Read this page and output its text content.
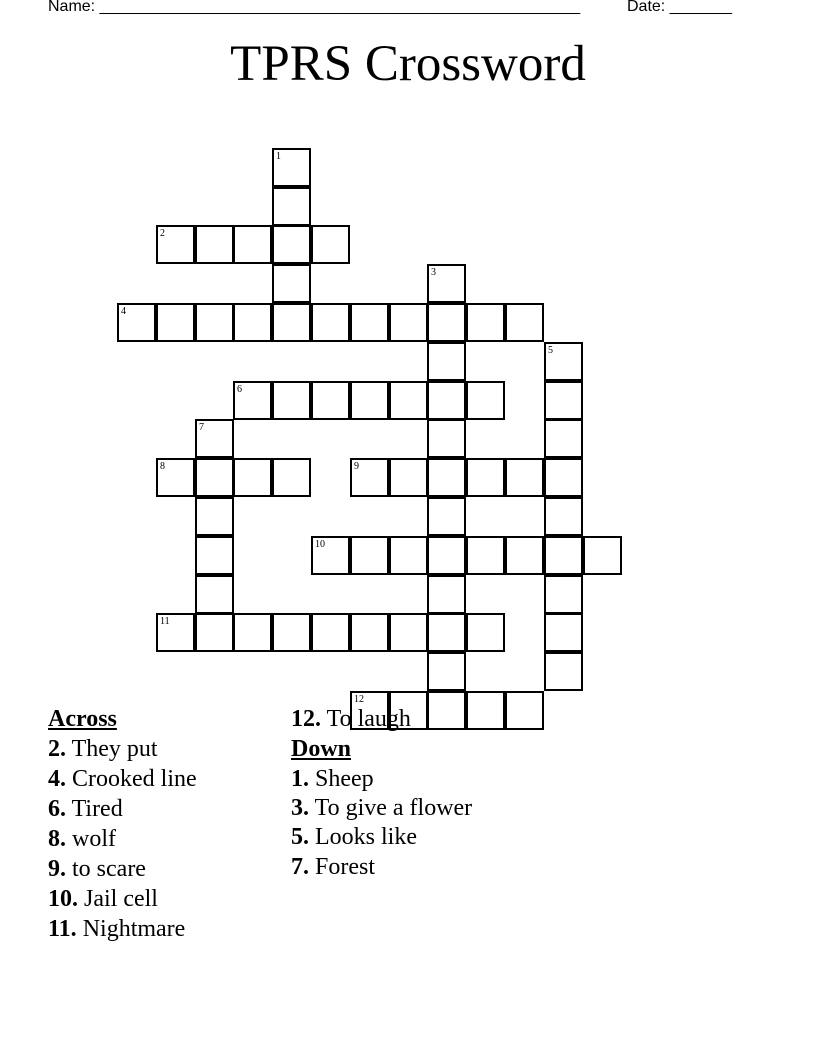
Name: ______________________________________________________	Date: _______
TPRS Crossword
1
2
3
4
5
6
7
8	9
10
11
12
Across
2. They put
4. Crooked line
6. Tired
8. wolf
9. to scare
10. Jail cell
11. Nightmare
12. To laugh
Down
1. Sheep
3. To give a flower
5. Looks like
7. Forest
